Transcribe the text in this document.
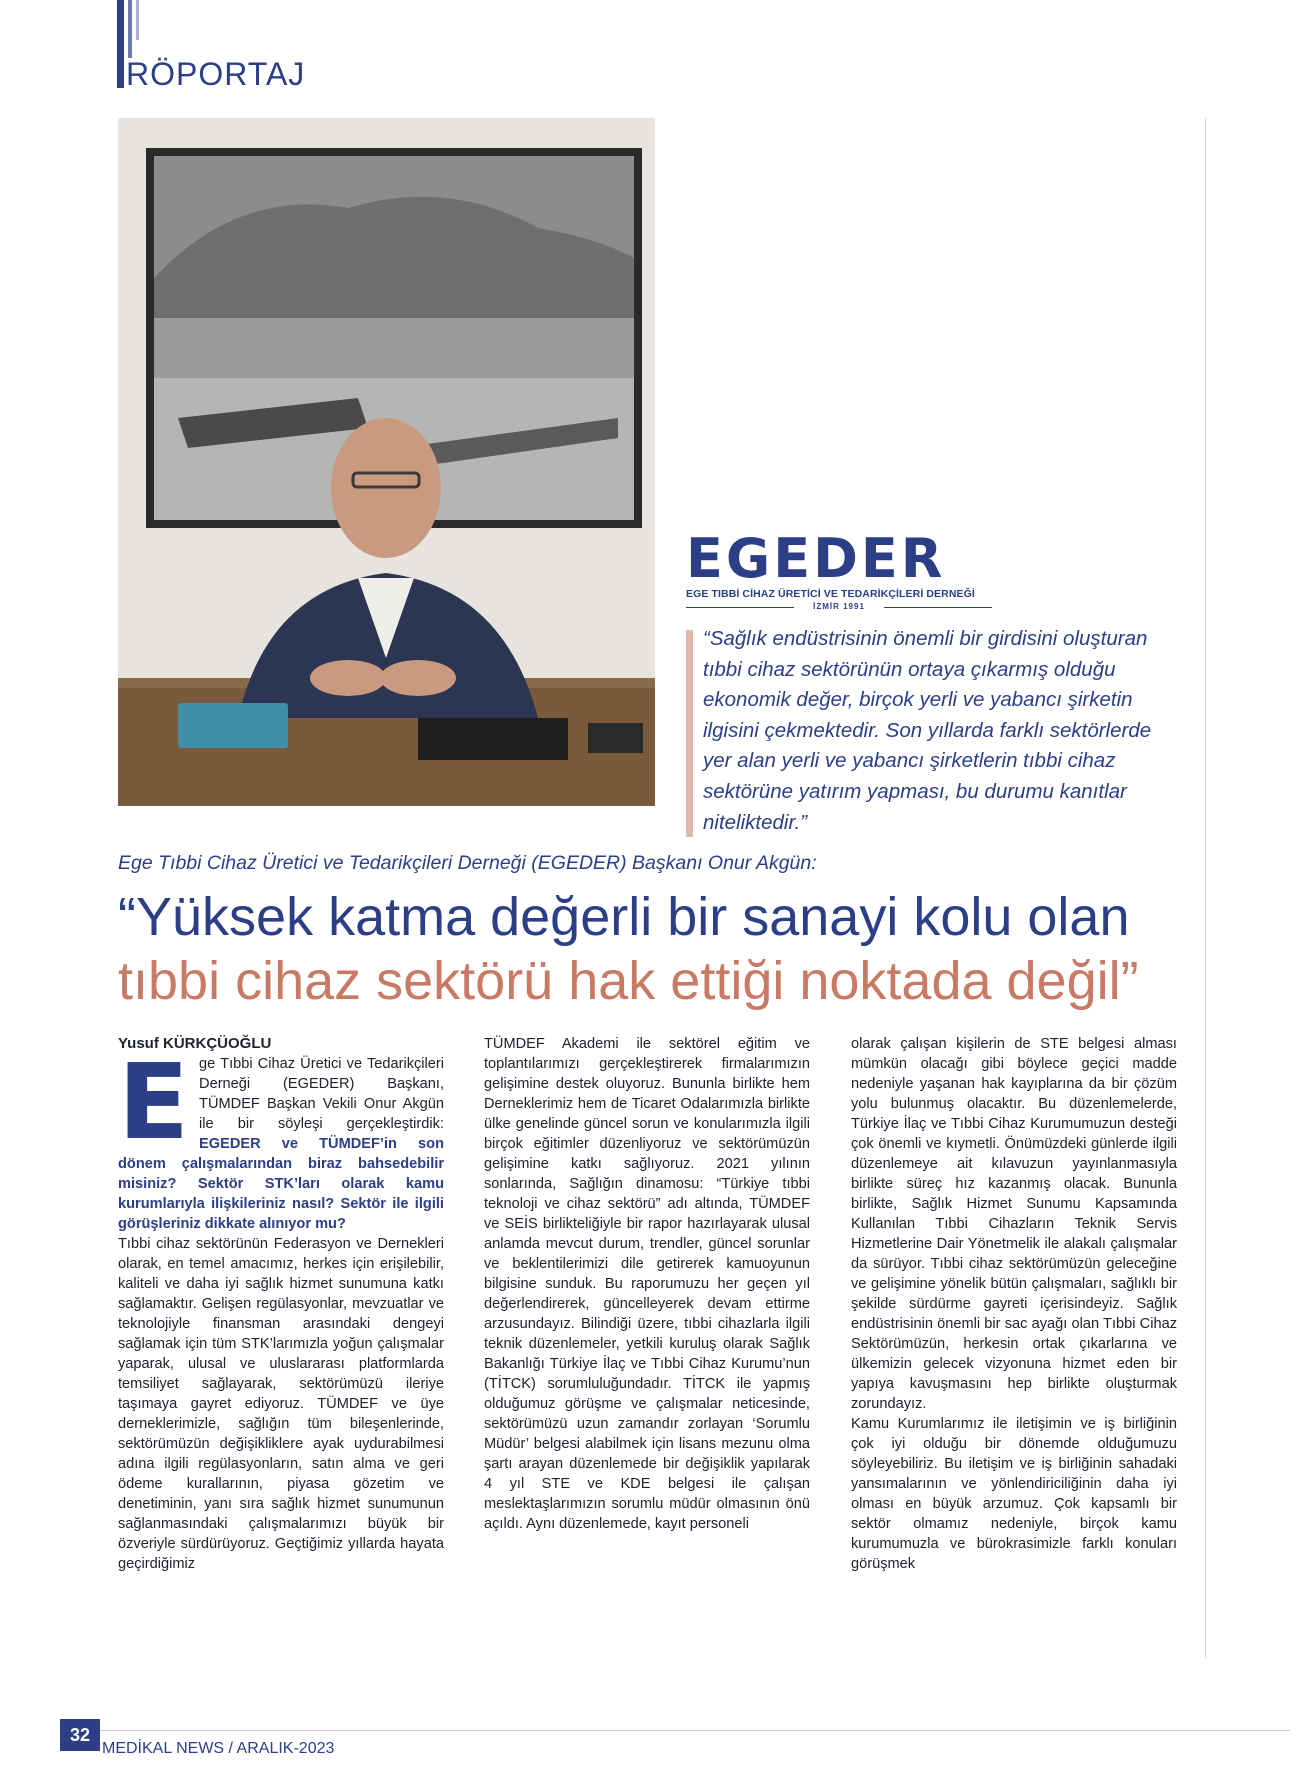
RÖPORTAJ
EGEDER
EGE TIBBİ CİHAZ ÜRETİCİ VE TEDARİKÇİLERİ DERNEĞİ
İZMİR 1991
“Sağlık endüstrisinin önemli bir girdisini oluşturan tıbbi cihaz sektörünün ortaya çıkarmış olduğu ekonomik değer, birçok yerli ve yabancı şirketin ilgisini çekmektedir. Son yıllarda farklı sektörlerde yer alan yerli ve yabancı şirketlerin tıbbi cihaz sektörüne yatırım yapması, bu durumu kanıtlar niteliktedir.”
Ege Tıbbi Cihaz Üretici ve Tedarikçileri Derneği (EGEDER) Başkanı Onur Akgün:
“Yüksek katma değerli bir sanayi kolu olan
tıbbi cihaz sektörü hak ettiği noktada değil”

Yusuf KÜRKÇÜOĞLU

Ege Tıbbi Cihaz Üretici ve Tedarikçileri Derneği (EGEDER) Başkanı, TÜMDEF Başkan Vekili Onur Akgün ile bir söyleşi gerçekleştirdik: EGEDER ve TÜMDEF’in son dönem çalışmalarından biraz bahsedebilir misiniz? Sektör STK’ları olarak kamu kurumlarıyla ilişkileriniz nasıl? Sektör ile ilgili görüşleriniz dikkate alınıyor mu?

Tıbbi cihaz sektörünün Federasyon ve Dernekleri olarak, en temel amacımız, herkes için erişilebilir, kaliteli ve daha iyi sağlık hizmet sunumuna katkı sağlamaktır. Gelişen regülasyonlar, mevzuatlar ve teknolojiyle finansman arasındaki dengeyi sağlamak için tüm STK’larımızla yoğun çalışmalar yaparak, ulusal ve uluslararası platformlarda temsiliyet sağlayarak, sektörümüzü ileriye taşımaya gayret ediyoruz. TÜMDEF ve üye derneklerimizle, sağlığın tüm bileşenlerinde, sektörümüzün değişikliklere ayak uydurabilmesi adına ilgili regülasyonların, satın alma ve geri ödeme kurallarının, piyasa gözetim ve denetiminin, yanı sıra sağlık hizmet sunumunun sağlanmasındaki çalışmalarımızı büyük bir özveriyle sürdürüyoruz. Geçtiğimiz yıllarda hayata geçirdiğimiz

TÜMDEF Akademi ile sektörel eğitim ve toplantılarımızı gerçekleştirerek firmalarımızın gelişimine destek oluyoruz. Bununla birlikte hem Derneklerimiz hem de Ticaret Odalarımızla birlikte ülke genelinde güncel sorun ve konularımızla ilgili birçok eğitimler düzenliyoruz ve sektörümüzün gelişimine katkı sağlıyoruz. 2021 yılının sonlarında, Sağlığın dinamosu: “Türkiye tıbbi teknoloji ve cihaz sektörü” adı altında, TÜMDEF ve SEİS birlikteliğiyle bir rapor hazırlayarak ulusal anlamda mevcut durum, trendler, güncel sorunlar ve beklentilerimizi dile getirerek kamuoyunun bilgisine sunduk. Bu raporumuzu her geçen yıl değerlendirerek, güncelleyerek devam ettirme arzusundayız. Bilindiği üzere, tıbbi cihazlarla ilgili teknik düzenlemeler, yetkili kuruluş olarak Sağlık Bakanlığı Türkiye İlaç ve Tıbbi Cihaz Kurumu’nun (TİTCK) sorumluluğundadır. TİTCK ile yapmış olduğumuz görüşme ve çalışmalar neticesinde, sektörümüzü uzun zamandır zorlayan ‘Sorumlu Müdür’ belgesi alabilmek için lisans mezunu olma şartı arayan düzenlemede bir değişiklik yapılarak 4 yıl STE ve KDE belgesi ile çalışan meslektaşlarımızın sorumlu müdür olmasının önü açıldı. Aynı düzenlemede, kayıt personeli

olarak çalışan kişilerin de STE belgesi alması mümkün olacağı gibi böylece geçici madde nedeniyle yaşanan hak kayıplarına da bir çözüm yolu bulunmuş olacaktır. Bu düzenlemelerde, Türkiye İlaç ve Tıbbi Cihaz Kurumumuzun desteği çok önemli ve kıymetli. Önümüzdeki günlerde ilgili düzenlemeye ait kılavuzun yayınlanmasıyla birlikte süreç hız kazanmış olacak. Bununla birlikte, Sağlık Hizmet Sunumu Kapsamında Kullanılan Tıbbi Cihazların Teknik Servis Hizmetlerine Dair Yönetmelik ile alakalı çalışmalar da sürüyor. Tıbbi cihaz sektörümüzün geleceğine ve gelişimine yönelik bütün çalışmaları, sağlıklı bir şekilde sürdürme gayreti içerisindeyiz. Sağlık endüstrisinin önemli bir sac ayağı olan Tıbbi Cihaz Sektörümüzün, herkesin ortak çıkarlarına ve ülkemizin gelecek vizyonuna hizmet eden bir yapıya kavuşmasını hep birlikte oluşturmak zorundayız.

Kamu Kurumlarımız ile iletişimin ve iş birliğinin çok iyi olduğu bir dönemde olduğumuzu söyleyebiliriz. Bu iletişim ve iş birliğinin sahadaki yansımalarının ve yönlendiriciliğinin daha iyi olması en büyük arzumuz. Çok kapsamlı bir sektör olmamız nedeniyle, birçok kamu kurumumuzla ve bürokrasimizle farklı konuları görüşmek

32
MEDİKAL NEWS / ARALIK-2023
